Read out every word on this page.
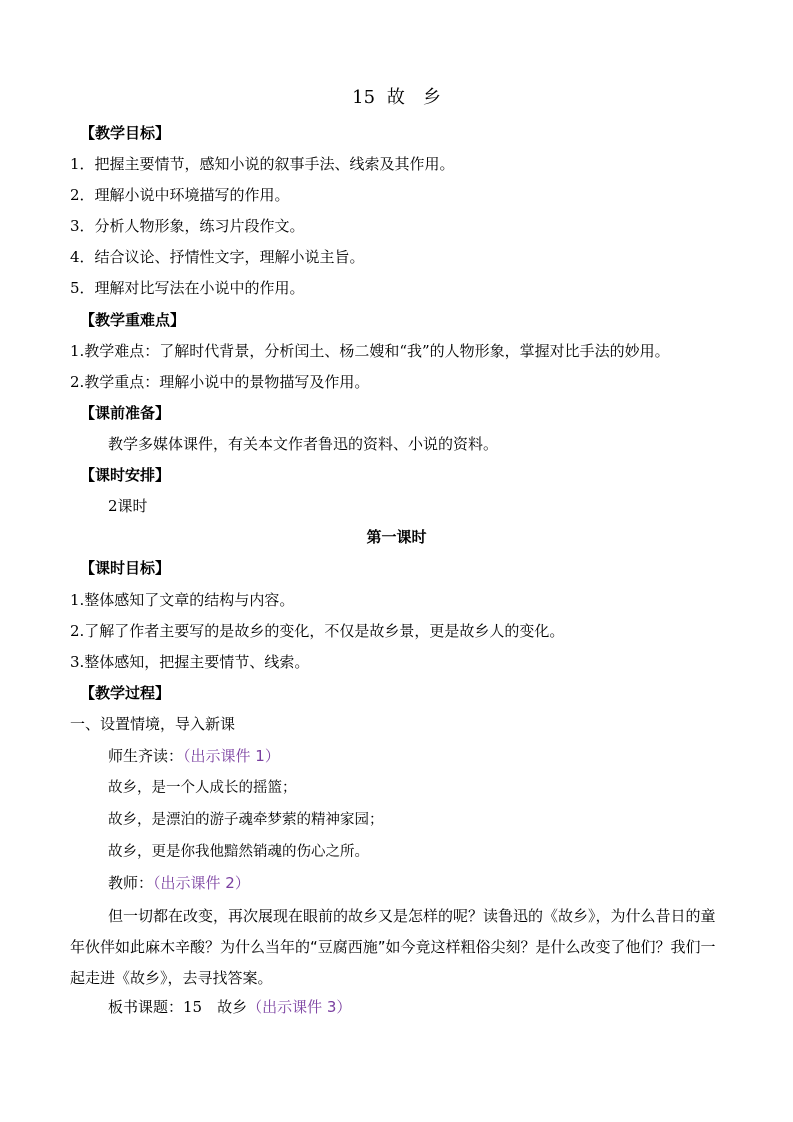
15 故 乡
【教学目标】
1．把握主要情节，感知小说的叙事手法、线索及其作用。
2．理解小说中环境描写的作用。
3．分析人物形象，练习片段作文。
4．结合议论、抒情性文字，理解小说主旨。
5．理解对比写法在小说中的作用。
【教学重难点】
1.教学难点：了解时代背景，分析闰土、杨二嫂和“我”的人物形象，掌握对比手法的妙用。
2.教学重点：理解小说中的景物描写及作用。
【课前准备】
教学多媒体课件，有关本文作者鲁迅的资料、小说的资料。
【课时安排】
2课时
第一课时
【课时目标】
1.整体感知了文章的结构与内容。
2.了解了作者主要写的是故乡的变化，不仅是故乡景，更是故乡人的变化。
3.整体感知，把握主要情节、线索。
【教学过程】
一、设置情境，导入新课
师生齐读：（出示课件 1）
故乡，是一个人成长的摇篮；
故乡，是漂泊的游子魂牵梦萦的精神家园；
故乡，更是你我他黯然销魂的伤心之所。
教师：（出示课件 2）
但一切都在改变，再次展现在眼前的故乡又是怎样的呢？读鲁迅的《故乡》，为什么昔日的童年伙伴如此麻木辛酸？为什么当年的“豆腐西施”如今竟这样粗俗尖刻？是什么改变了他们？我们一起走进《故乡》，去寻找答案。
板书课题：15　故乡（出示课件 3）
